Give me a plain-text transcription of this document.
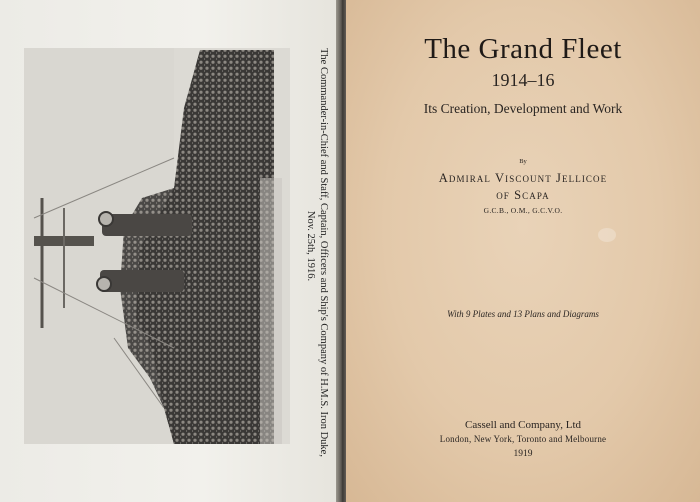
The Commander-in-Chief and Staff, Captain, Officers and Ship's Company of H.M.S. Iron Duke,
Nov. 25th, 1916.
The Grand Fleet
1914–16
Its Creation, Development and Work
By
Admiral Viscount Jellicoe
of Scapa
G.C.B., O.M., G.C.V.O.
With 9 Plates and 13 Plans and Diagrams
Cassell and Company, Ltd
London, New York, Toronto and Melbourne
1919
